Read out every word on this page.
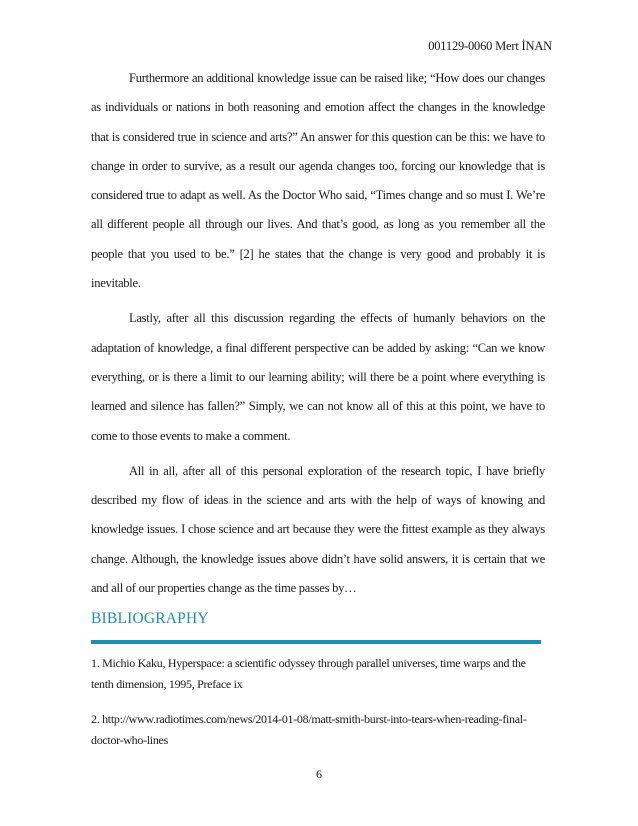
001129-0060 Mert İNAN

Furthermore an additional knowledge issue can be raised like; “How does our changes as individuals or nations in both reasoning and emotion affect the changes in the knowledge that is considered true in science and arts?” An answer for this question can be this: we have to change in order to survive, as a result our agenda changes too, forcing our knowledge that is considered true to adapt as well. As the Doctor Who said, “Times change and so must I. We’re all different people all through our lives. And that’s good, as long as you remember all the people that you used to be.” [2] he states that the change is very good and probably it is inevitable.

Lastly, after all this discussion regarding the effects of humanly behaviors on the adaptation of knowledge, a final different perspective can be added by asking: “Can we know everything, or is there a limit to our learning ability; will there be a point where everything is learned and silence has fallen?” Simply, we can not know all of this at this point, we have to come to those events to make a comment.

All in all, after all of this personal exploration of the research topic, I have briefly described my flow of ideas in the science and arts with the help of ways of knowing and knowledge issues. I chose science and art because they were the fittest example as they always change. Although, the knowledge issues above didn’t have solid answers, it is certain that we and all of our properties change as the time passes by…

BIBLIOGRAPHY

1. Michio Kaku, Hyperspace: a scientific odyssey through parallel universes, time warps and the tenth dimension, 1995, Preface ix

2. http://www.radiotimes.com/news/2014-01-08/matt-smith-burst-into-tears-when-reading-final-doctor-who-lines

6
